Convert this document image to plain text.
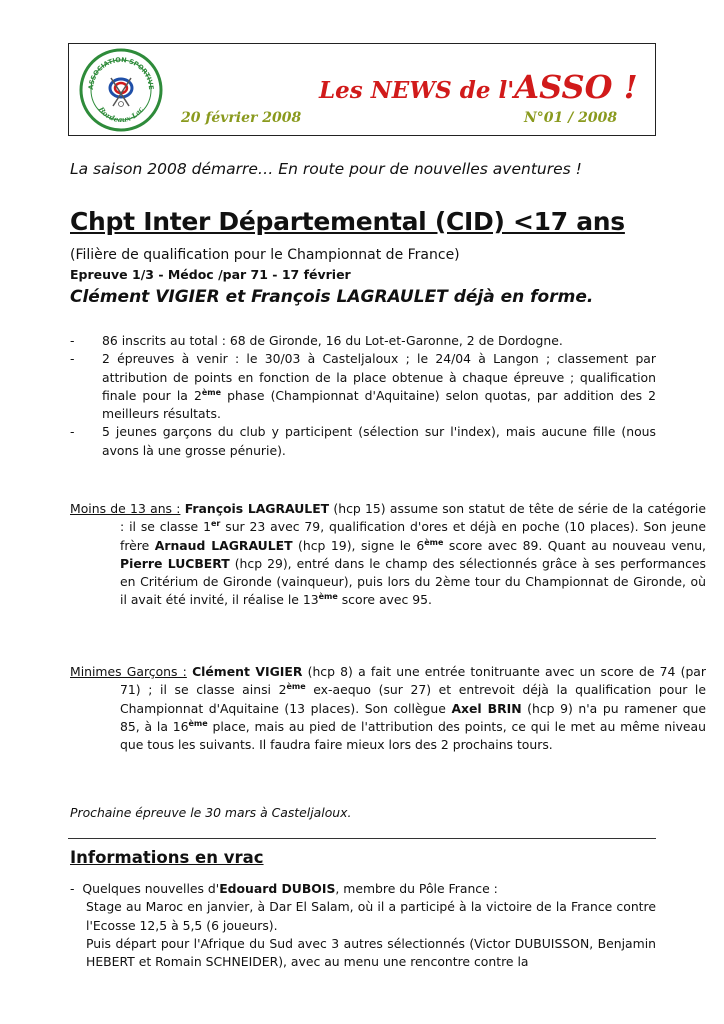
ASSOCIATION SPORTIVE
Bordeaux-Lac
Les NEWS de l'ASSO !
20 février 2008	N°01 / 2008
La saison 2008 démarre… En route pour de nouvelles aventures !
Chpt Inter Départemental (CID) <17 ans
(Filière de qualification pour le Championnat de France)
Epreuve 1/3 - Médoc /par 71 - 17 février
Clément VIGIER et François LAGRAULET déjà en forme.
- 86 inscrits au total : 68 de Gironde, 16 du Lot-et-Garonne, 2 de Dordogne.
- 2 épreuves à venir : le 30/03 à Casteljaloux ; le 24/04 à Langon ; classement par attribution de points en fonction de la place obtenue à chaque épreuve ; qualification finale pour la 2ème phase (Championnat d'Aquitaine) selon quotas, par addition des 2 meilleurs résultats.
- 5 jeunes garçons du club y participent (sélection sur l'index), mais aucune fille (nous avons là une grosse pénurie).
Moins de 13 ans : François LAGRAULET (hcp 15) assume son statut de tête de série de la catégorie : il se classe 1er sur 23 avec 79, qualification d'ores et déjà en poche (10 places). Son jeune frère Arnaud LAGRAULET (hcp 19), signe le 6ème score avec 89. Quant au nouveau venu, Pierre LUCBERT (hcp 29), entré dans le champ des sélectionnés grâce à ses performances en Critérium de Gironde (vainqueur), puis lors du 2ème tour du Championnat de Gironde, où il avait été invité, il réalise le 13ème score avec 95.
Minimes Garçons : Clément VIGIER (hcp 8) a fait une entrée tonitruante avec un score de 74 (par 71) ; il se classe ainsi 2ème ex-aequo (sur 27) et entrevoit déjà la qualification pour le Championnat d'Aquitaine (13 places). Son collègue Axel BRIN (hcp 9) n'a pu ramener que 85, à la 16ème place, mais au pied de l'attribution des points, ce qui le met au même niveau que tous les suivants. Il faudra faire mieux lors des 2 prochains tours.
Prochaine épreuve le 30 mars à Casteljaloux.
Informations en vrac
-  Quelques nouvelles d'Edouard DUBOIS, membre du Pôle France :
Stage au Maroc en janvier, à Dar El Salam, où il a participé à la victoire de la France contre l'Ecosse 12,5 à 5,5 (6 joueurs).
Puis départ pour l'Afrique du Sud avec 3 autres sélectionnés (Victor DUBUISSON, Benjamin HEBERT et Romain SCHNEIDER), avec au menu une rencontre contre la
